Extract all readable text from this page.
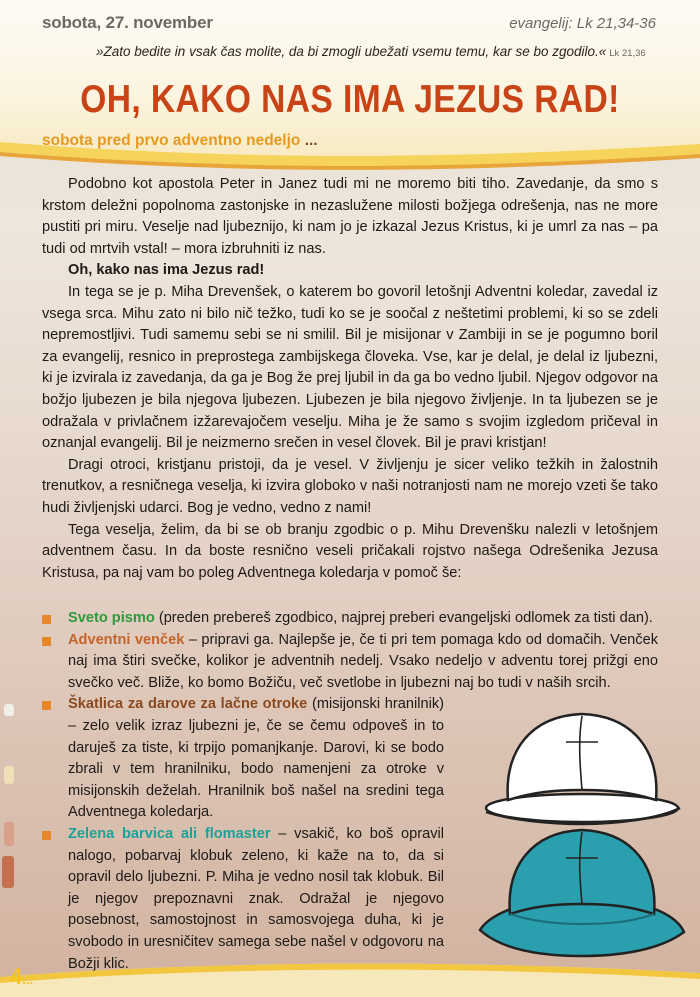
sobota, 27. november	evangelij: Lk 21,34-36
»Zato bedite in vsak čas molite, da bi zmogli ubežati vsemu temu, kar se bo zgodilo.« Lk 21,36
OH, KAKO NAS IMA JEZUS RAD!
sobota pred prvo adventno nedeljo ...

Podobno kot apostola Peter in Janez tudi mi ne moremo biti tiho. Zavedanje, da smo s krstom deležni popolnoma zastonjske in nezaslužene milosti božjega odrešenja, nas ne more pustiti pri miru. Veselje nad ljubeznijo, ki nam jo je izkazal Jezus Kristus, ki je umrl za nas – pa tudi od mrtvih vstal! – mora izbruhniti iz nas.

Oh, kako nas ima Jezus rad!

In tega se je p. Miha Drevenšek, o katerem bo govoril letošnji Adventni koledar, zavedal iz vsega srca. Mihu zato ni bilo nič težko, tudi ko se je soočal z neštetimi problemi, ki so se zdeli nepremostljivi. Tudi samemu sebi se ni smilil. Bil je misijonar v Zambiji in se je pogumno boril za evangelij, resnico in preprostega zambijskega človeka. Vse, kar je delal, je delal iz ljubezni, ki je izvirala iz zavedanja, da ga je Bog že prej ljubil in da ga bo vedno ljubil. Njegov odgovor na božjo ljubezen je bila njegova ljubezen. Ljubezen je bila njegovo življenje. In ta ljubezen se je odražala v privlačnem izžarevajočem veselju. Miha je že samo s svojim izgledom pričeval in oznanjal evangelij. Bil je neizmerno srečen in vesel človek. Bil je pravi kristjan!

Dragi otroci, kristjanu pristoji, da je vesel. V življenju je sicer veliko težkih in žalostnih trenutkov, a resničnega veselja, ki izvira globoko v naši notranjosti nam ne morejo vzeti še tako hudi življenjski udarci. Bog je vedno, vedno z nami!

Tega veselja, želim, da bi se ob branju zgodbic o p. Mihu Drevenšku nalezli v letošnjem adventnem času. In da boste resnično veseli pričakali rojstvo našega Odrešenika Jezusa Kristusa, pa naj vam bo poleg Adventnega koledarja v pomoč še:

Sveto pismo (preden prebereš zgodbico, najprej preberi evangeljski odlomek za tisti dan).
Adventni venček – pripravi ga. Najlepše je, če ti pri tem pomaga kdo od domačih. Venček naj ima štiri svečke, kolikor je adventnih nedelj. Vsako nedeljo v adventu torej prižgi eno svečko več. Bliže, ko bomo Božiču, več svetlobe in ljubezni naj bo tudi v naših srcih.
Škatlica za darove za lačne otroke (misijonski hranilnik) – zelo velik izraz ljubezni je, če se čemu odpoveš in to daruješ za tiste, ki trpijo pomanjkanje. Darovi, ki se bodo zbrali v tem hranilniku, bodo namenjeni za otroke v misijonskih deželah. Hranilnik boš našel na sredini tega Adventnega koledarja.
Zelena barvica ali flomaster – vsakič, ko boš opravil nalogo, pobarvaj klobuk zeleno, ki kaže na to, da si opravil delo ljubezni. P. Miha je vedno nosil tak klobuk. Bil je njegov prepoznavni znak. Odražal je njegovo posebnost, samostojnost in samosvojega duha, ki je svobodo in uresničitev samega sebe našel v odgovoru na Božji klic.
4...
